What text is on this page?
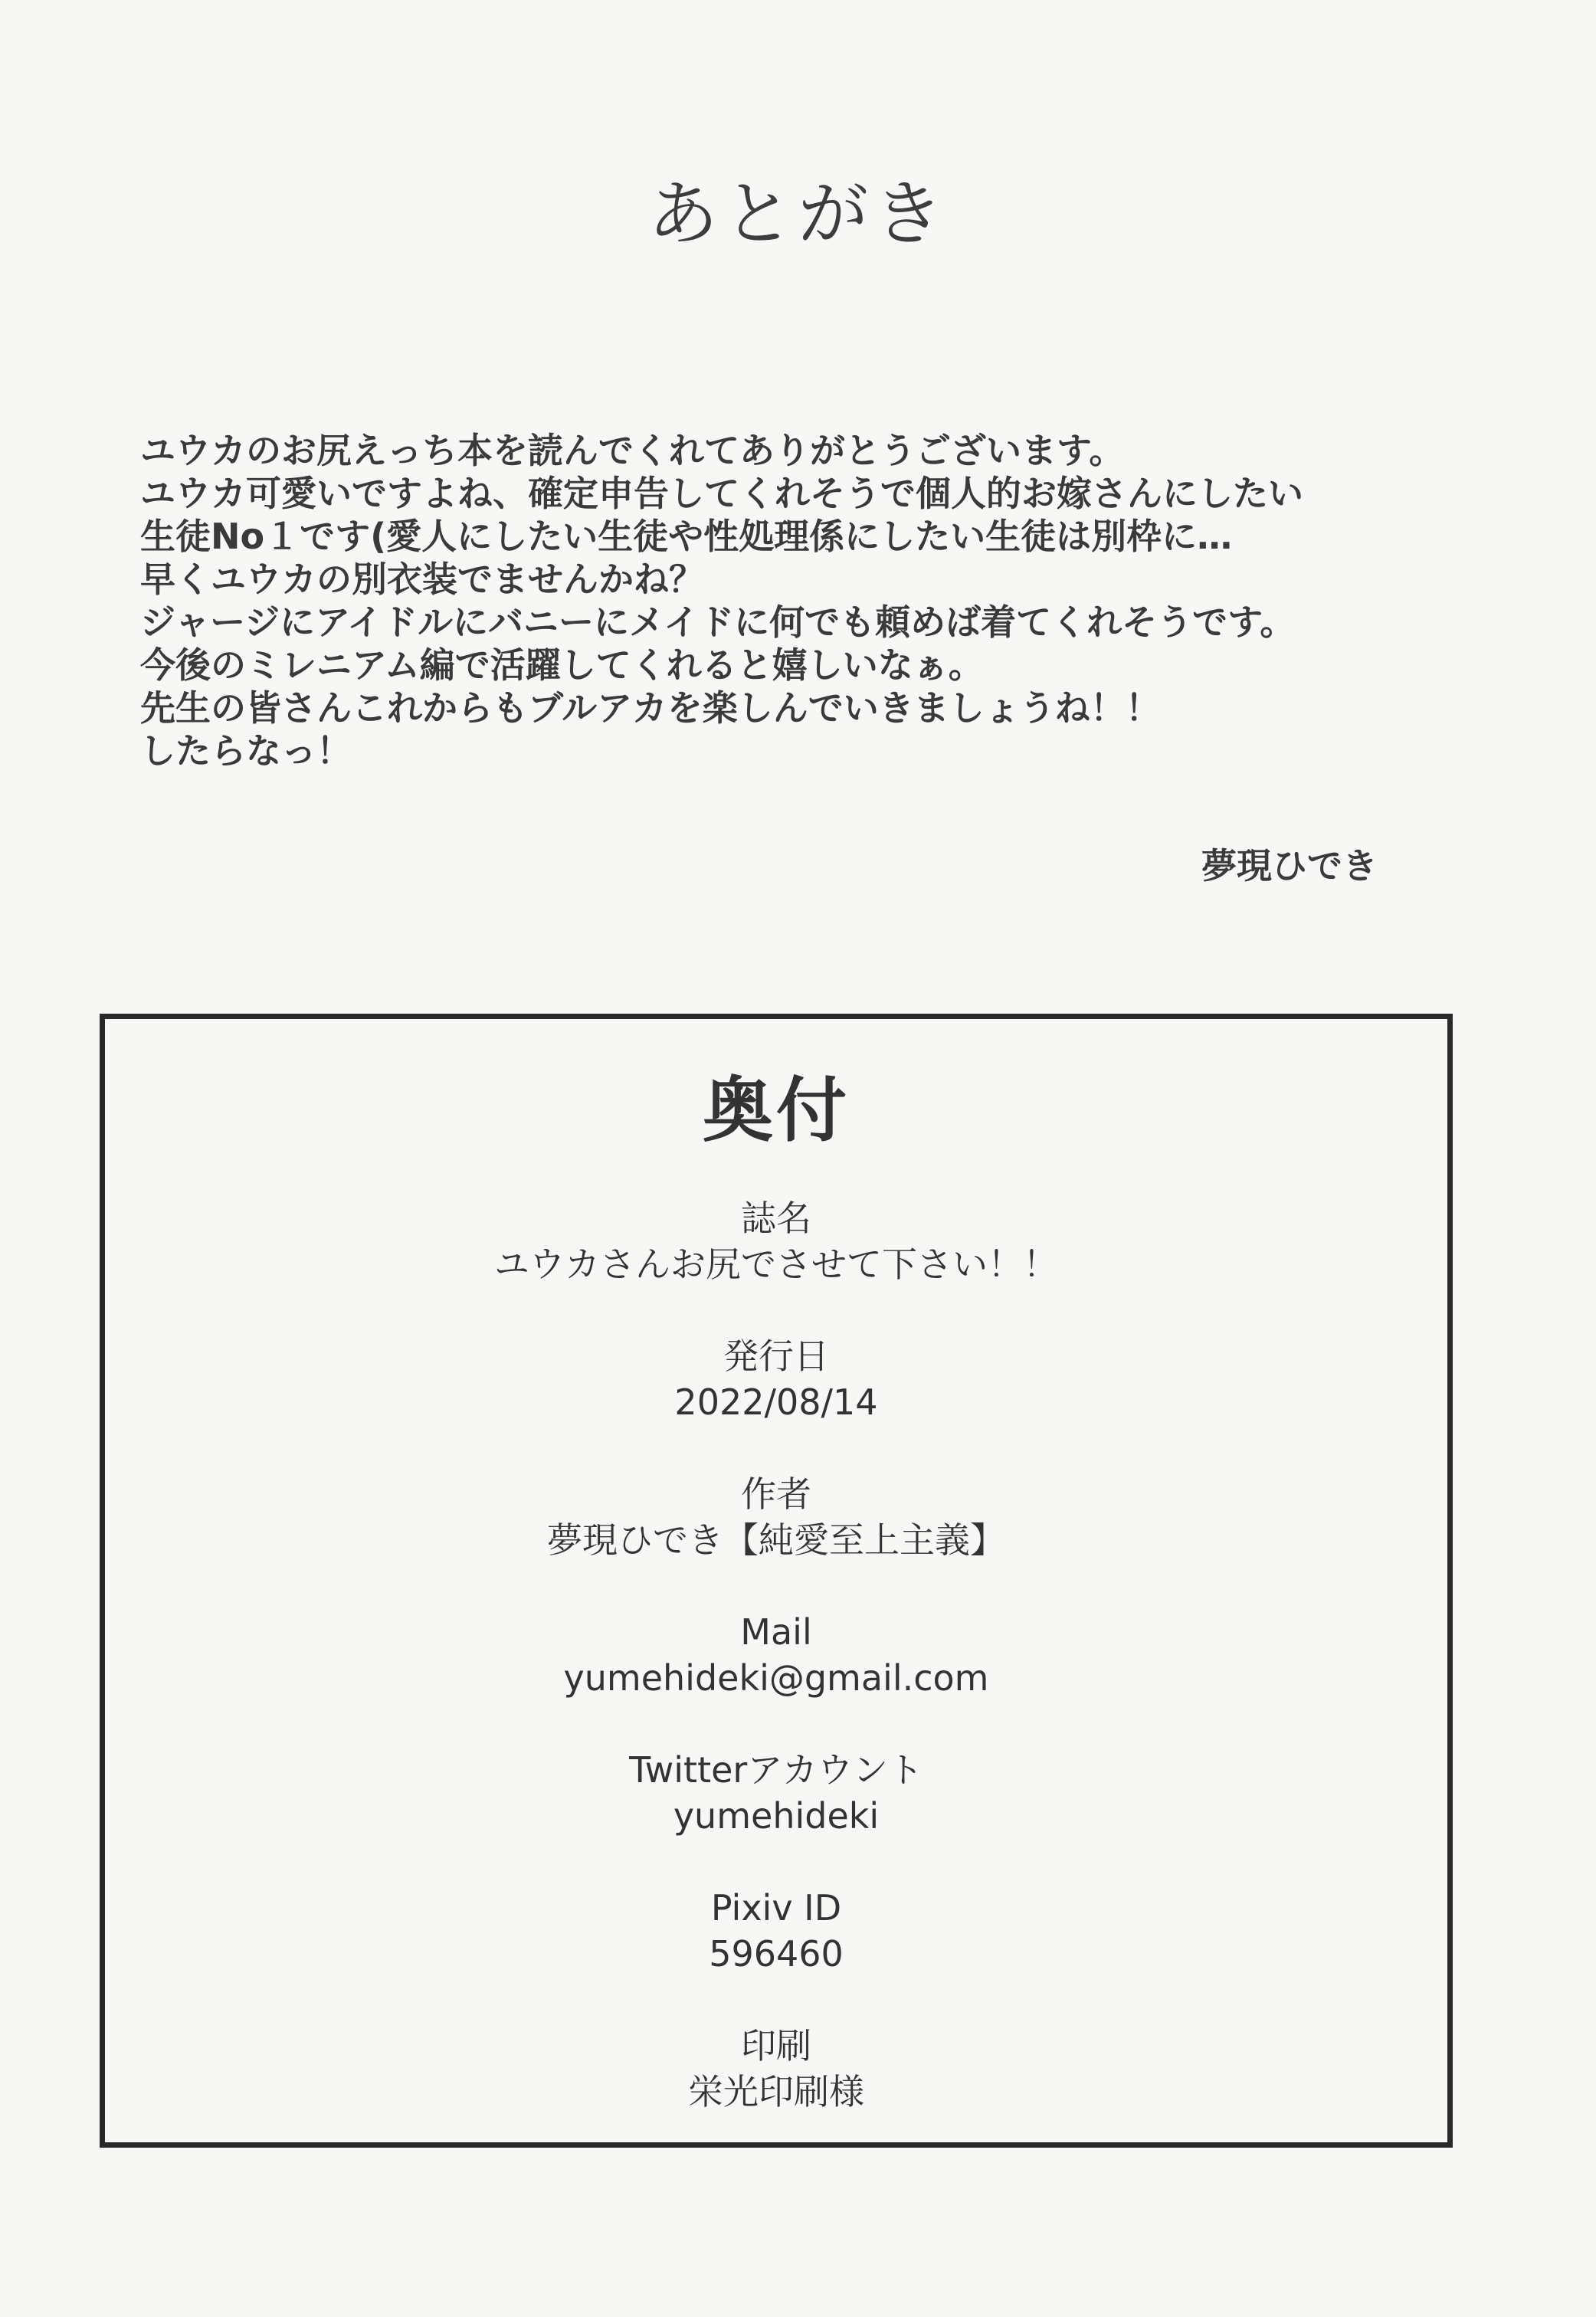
あとがき
ユウカのお尻えっち本を読んでくれてありがとうございます。
ユウカ可愛いですよね、確定申告してくれそうで個人的お嫁さんにしたい
生徒No１です(愛人にしたい生徒や性処理係にしたい生徒は別枠に…
早くユウカの別衣装でませんかね？
ジャージにアイドルにバニーにメイドに何でも頼めば着てくれそうです。
今後のミレニアム編で活躍してくれると嬉しいなぁ。
先生の皆さんこれからもブルアカを楽しんでいきましょうね！！
したらなっ！
夢現ひでき
奥付
誌名
ユウカさんお尻でさせて下さい！！
発行日
2022/08/14
作者
夢現ひでき【純愛至上主義】
Mail
yumehideki@gmail.com
Twitterアカウント
yumehideki
Pixiv ID
596460
印刷
栄光印刷様
